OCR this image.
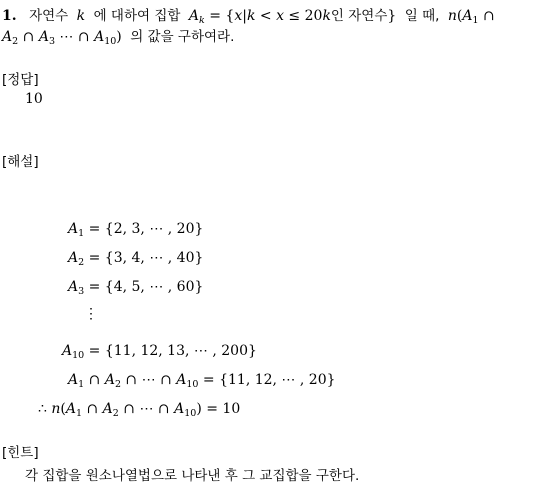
1. 자연수 k 에 대하여 집합 $A_k = \{x|k < x \le 20k$인 자연수} 일 때, $n(A_1$ ∩
$A_2$ ∩ $A_3$ ⋯ ∩ $A_{10}$) 의 값을 구하여라.
[정답]
10
[해설]
$A_1 = \{2$, 3, ⋯ , 20}
$A_2 = \{3$, 4, ⋯ , 40}
$A_3 = \{4$, 5, ⋯ , 60}
⋮
$A_{10} = \{11$, 12, 13, ⋯ , 200}
$A_1$ ∩ $A_2$ ∩ ⋯ ∩ $A_{10} = \{11$, 12, ⋯ , 20}
∴ $n(A_1$ ∩ $A_2$ ∩ ⋯ ∩ $A_{10}) = 10$
[힌트]
각 집합을 원소나열법으로 나타낸 후 그 교집합을 구한다.
